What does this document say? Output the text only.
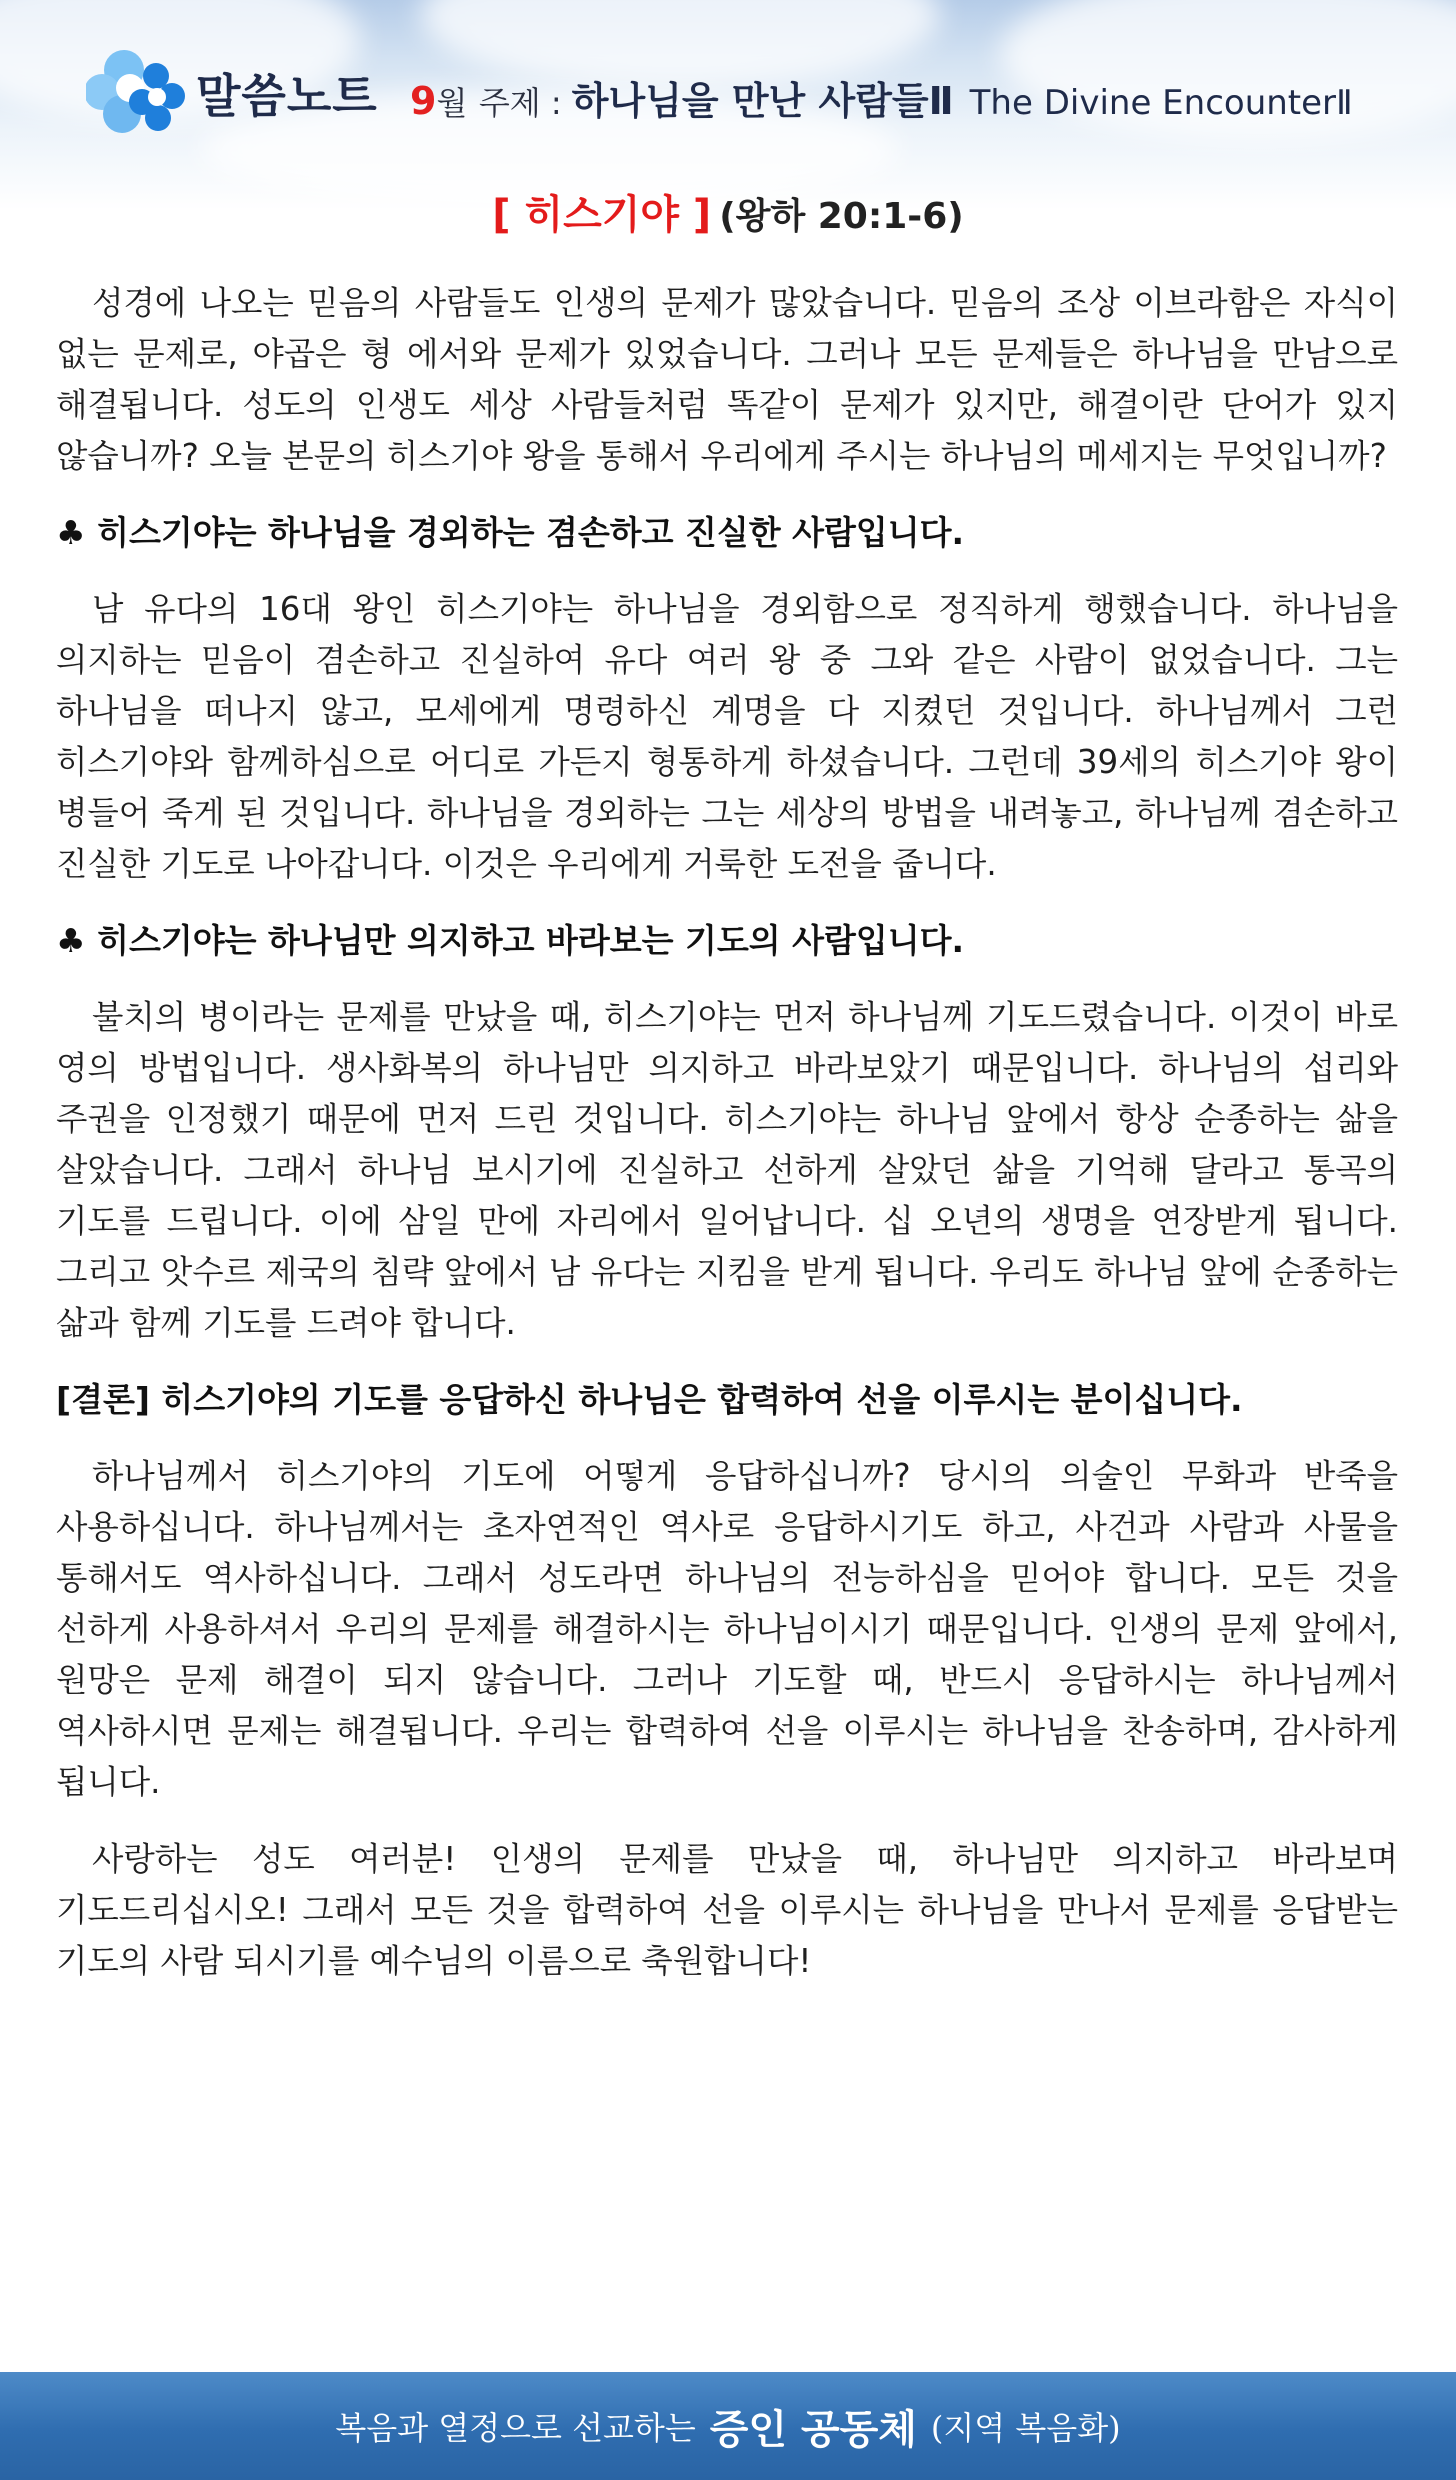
말씀노트 9월 주제 : 하나님을 만난 사람들Ⅱ The Divine EncounterⅡ
[ 히스기야 ] (왕하 20:1-6)

성경에 나오는 믿음의 사람들도 인생의 문제가 많았습니다. 믿음의 조상 이브라함은 자식이 없는 문제로, 야곱은 형 에서와 문제가 있었습니다. 그러나 모든 문제들은 하나님을 만남으로 해결됩니다. 성도의 인생도 세상 사람들처럼 똑같이 문제가 있지만, 해결이란 단어가 있지 않습니까? 오늘 본문의 히스기야 왕을 통해서 우리에게 주시는 하나님의 메세지는 무엇입니까?

♣ 히스기야는 하나님을 경외하는 겸손하고 진실한 사람입니다.

남 유다의 16대 왕인 히스기야는 하나님을 경외함으로 정직하게 행했습니다. 하나님을 의지하는 믿음이 겸손하고 진실하여 유다 여러 왕 중 그와 같은 사람이 없었습니다. 그는 하나님을 떠나지 않고, 모세에게 명령하신 계명을 다 지켰던 것입니다. 하나님께서 그런 히스기야와 함께하심으로 어디로 가든지 형통하게 하셨습니다. 그런데 39세의 히스기야 왕이 병들어 죽게 된 것입니다. 하나님을 경외하는 그는 세상의 방법을 내려놓고, 하나님께 겸손하고 진실한 기도로 나아갑니다. 이것은 우리에게 거룩한 도전을 줍니다.

♣ 히스기야는 하나님만 의지하고 바라보는 기도의 사람입니다.

불치의 병이라는 문제를 만났을 때, 히스기야는 먼저 하나님께 기도드렸습니다. 이것이 바로 영의 방법입니다. 생사화복의 하나님만 의지하고 바라보았기 때문입니다. 하나님의 섭리와 주권을 인정했기 때문에 먼저 드린 것입니다. 히스기야는 하나님 앞에서 항상 순종하는 삶을 살았습니다. 그래서 하나님 보시기에 진실하고 선하게 살았던 삶을 기억해 달라고 통곡의 기도를 드립니다. 이에 삼일 만에 자리에서 일어납니다. 십 오년의 생명을 연장받게 됩니다. 그리고 앗수르 제국의 침략 앞에서 남 유다는 지킴을 받게 됩니다. 우리도 하나님 앞에 순종하는 삶과 함께 기도를 드려야 합니다.

[결론] 히스기야의 기도를 응답하신 하나님은 합력하여 선을 이루시는 분이십니다.

하나님께서 히스기야의 기도에 어떻게 응답하십니까? 당시의 의술인 무화과 반죽을 사용하십니다. 하나님께서는 초자연적인 역사로 응답하시기도 하고, 사건과 사람과 사물을 통해서도 역사하십니다. 그래서 성도라면 하나님의 전능하심을 믿어야 합니다. 모든 것을 선하게 사용하셔서 우리의 문제를 해결하시는 하나님이시기 때문입니다. 인생의 문제 앞에서, 원망은 문제 해결이 되지 않습니다. 그러나 기도할 때, 반드시 응답하시는 하나님께서 역사하시면 문제는 해결됩니다. 우리는 합력하여 선을 이루시는 하나님을 찬송하며, 감사하게 됩니다.

사랑하는 성도 여러분! 인생의 문제를 만났을 때, 하나님만 의지하고 바라보며 기도드리십시오! 그래서 모든 것을 합력하여 선을 이루시는 하나님을 만나서 문제를 응답받는 기도의 사람 되시기를 예수님의 이름으로 축원합니다!

복음과 열정으로 선교하는 증인 공동체 (지역 복음화)
